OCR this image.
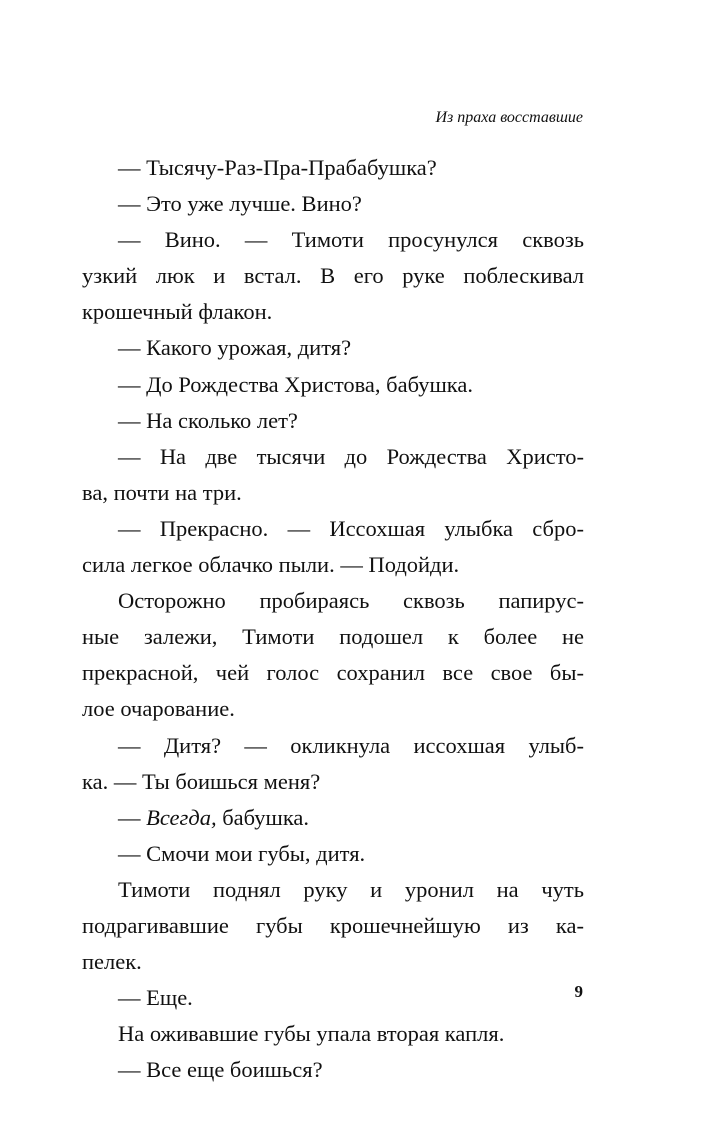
Из праха восставшие
— Тысячу-Раз-Пра-Прабабушка?
— Это уже лучше. Вино?
— Вино. — Тимоти просунулся сквозь
узкий люк и встал. В его руке поблескивал
крошечный флакон.
— Какого урожая, дитя?
— До Рождества Христова, бабушка.
— На сколько лет?
— На две тысячи до Рождества Христо-
ва, почти на три.
— Прекрасно. — Иссохшая улыбка сбро-
сила легкое облачко пыли. — Подойди.
Осторожно пробираясь сквозь папирус-
ные залежи, Тимоти подошел к более не
прекрасной, чей голос сохранил все свое бы-
лое очарование.
— Дитя? — окликнула иссохшая улыб-
ка. — Ты боишься меня?
— Всегда, бабушка.
— Смочи мои губы, дитя.
Тимоти поднял руку и уронил на чуть
подрагивавшие губы крошечнейшую из ка-
пелек.
— Еще.
На оживавшие губы упала вторая капля.
— Все еще боишься?
9
